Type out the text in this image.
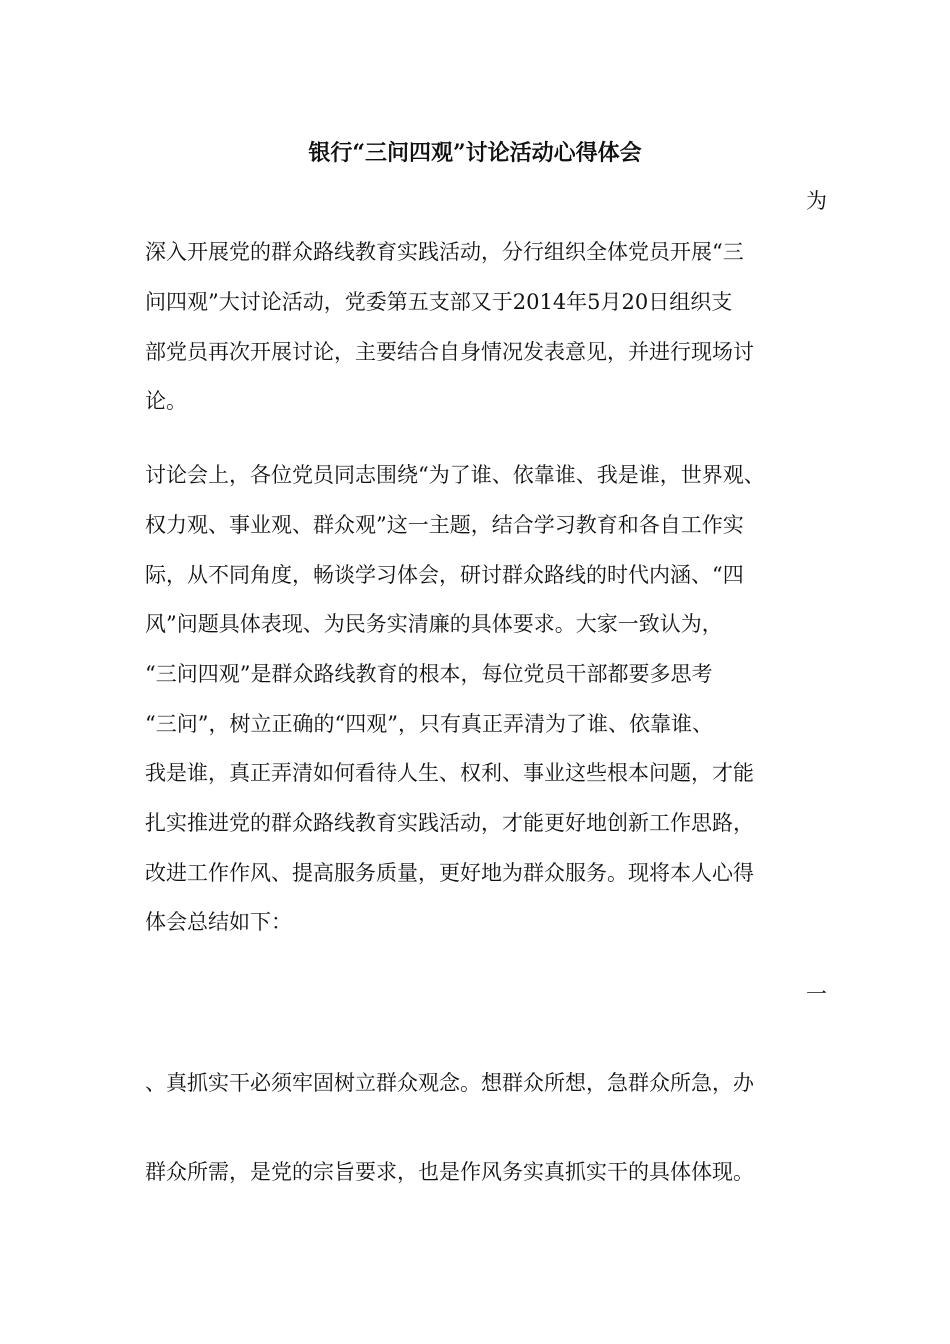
银行“三问四观”讨论活动心得体会
为
深入开展党的群众路线教育实践活动，分行组织全体党员开展“三
问四观”大讨论活动，党委第五支部又于2014年5月20日组织支
部党员再次开展讨论，主要结合自身情况发表意见，并进行现场讨
论。
讨论会上，各位党员同志围绕“为了谁、依靠谁、我是谁，世界观、
权力观、事业观、群众观”这一主题，结合学习教育和各自工作实
际，从不同角度，畅谈学习体会，研讨群众路线的时代内涵、“四
风”问题具体表现、为民务实清廉的具体要求。大家一致认为，
“三问四观”是群众路线教育的根本，每位党员干部都要多思考
“三问”，树立正确的“四观”，只有真正弄清为了谁、依靠谁、
我是谁，真正弄清如何看待人生、权利、事业这些根本问题，才能
扎实推进党的群众路线教育实践活动，才能更好地创新工作思路，
改进工作作风、提高服务质量，更好地为群众服务。现将本人心得
体会总结如下：
一
、真抓实干必须牢固树立群众观念。想群众所想，急群众所急，办
群众所需，是党的宗旨要求，也是作风务实真抓实干的具体体现。
